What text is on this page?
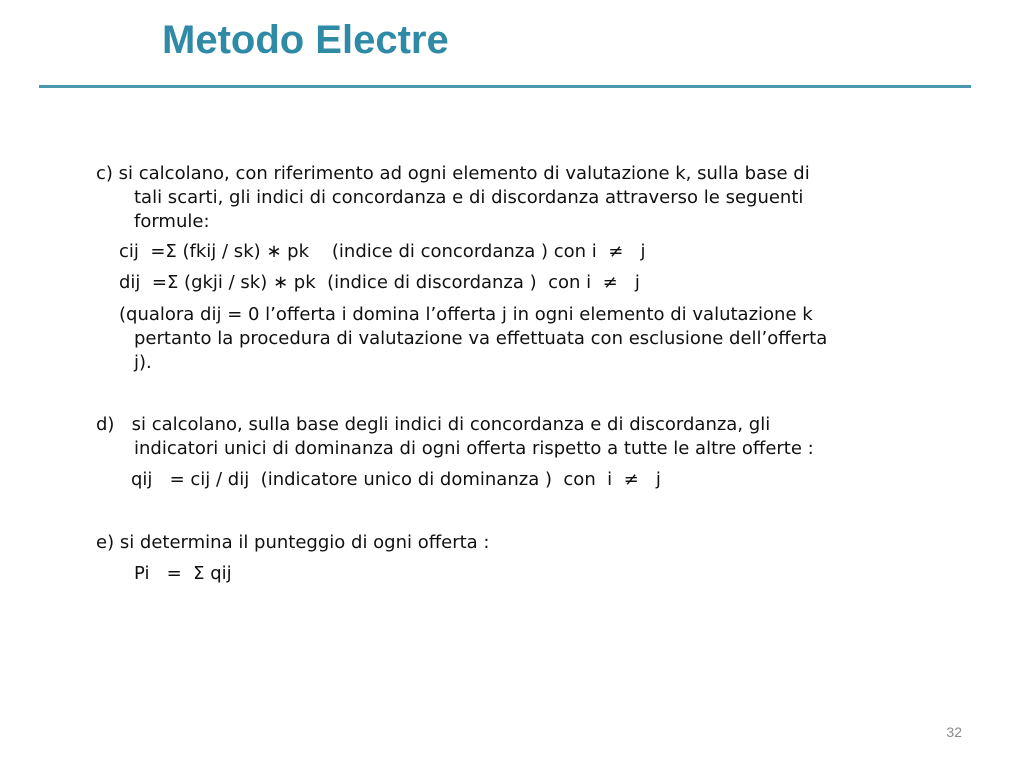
Metodo Electre

c) si calcolano, con riferimento ad ogni elemento di valutazione k, sulla base di

tali scarti, gli indici di concordanza e di discordanza attraverso le seguenti

formule:

cij  =Σ (fkij / sk) ∗ pk    (indice di concordanza ) con i  ≠   j

dij  =Σ (gkji / sk) ∗ pk  (indice di discordanza )  con i  ≠   j

(qualora dij = 0 l’offerta i domina l’offerta j in ogni elemento di valutazione k

pertanto la procedura di valutazione va effettuata con esclusione dell’offerta

j).

d)   si calcolano, sulla base degli indici di concordanza e di discordanza, gli

indicatori unici di dominanza di ogni offerta rispetto a tutte le altre offerte :

qij   = cij / dij  (indicatore unico di dominanza )  con  i  ≠   j

e) si determina il punteggio di ogni offerta :

Pi   =  Σ qij

32
